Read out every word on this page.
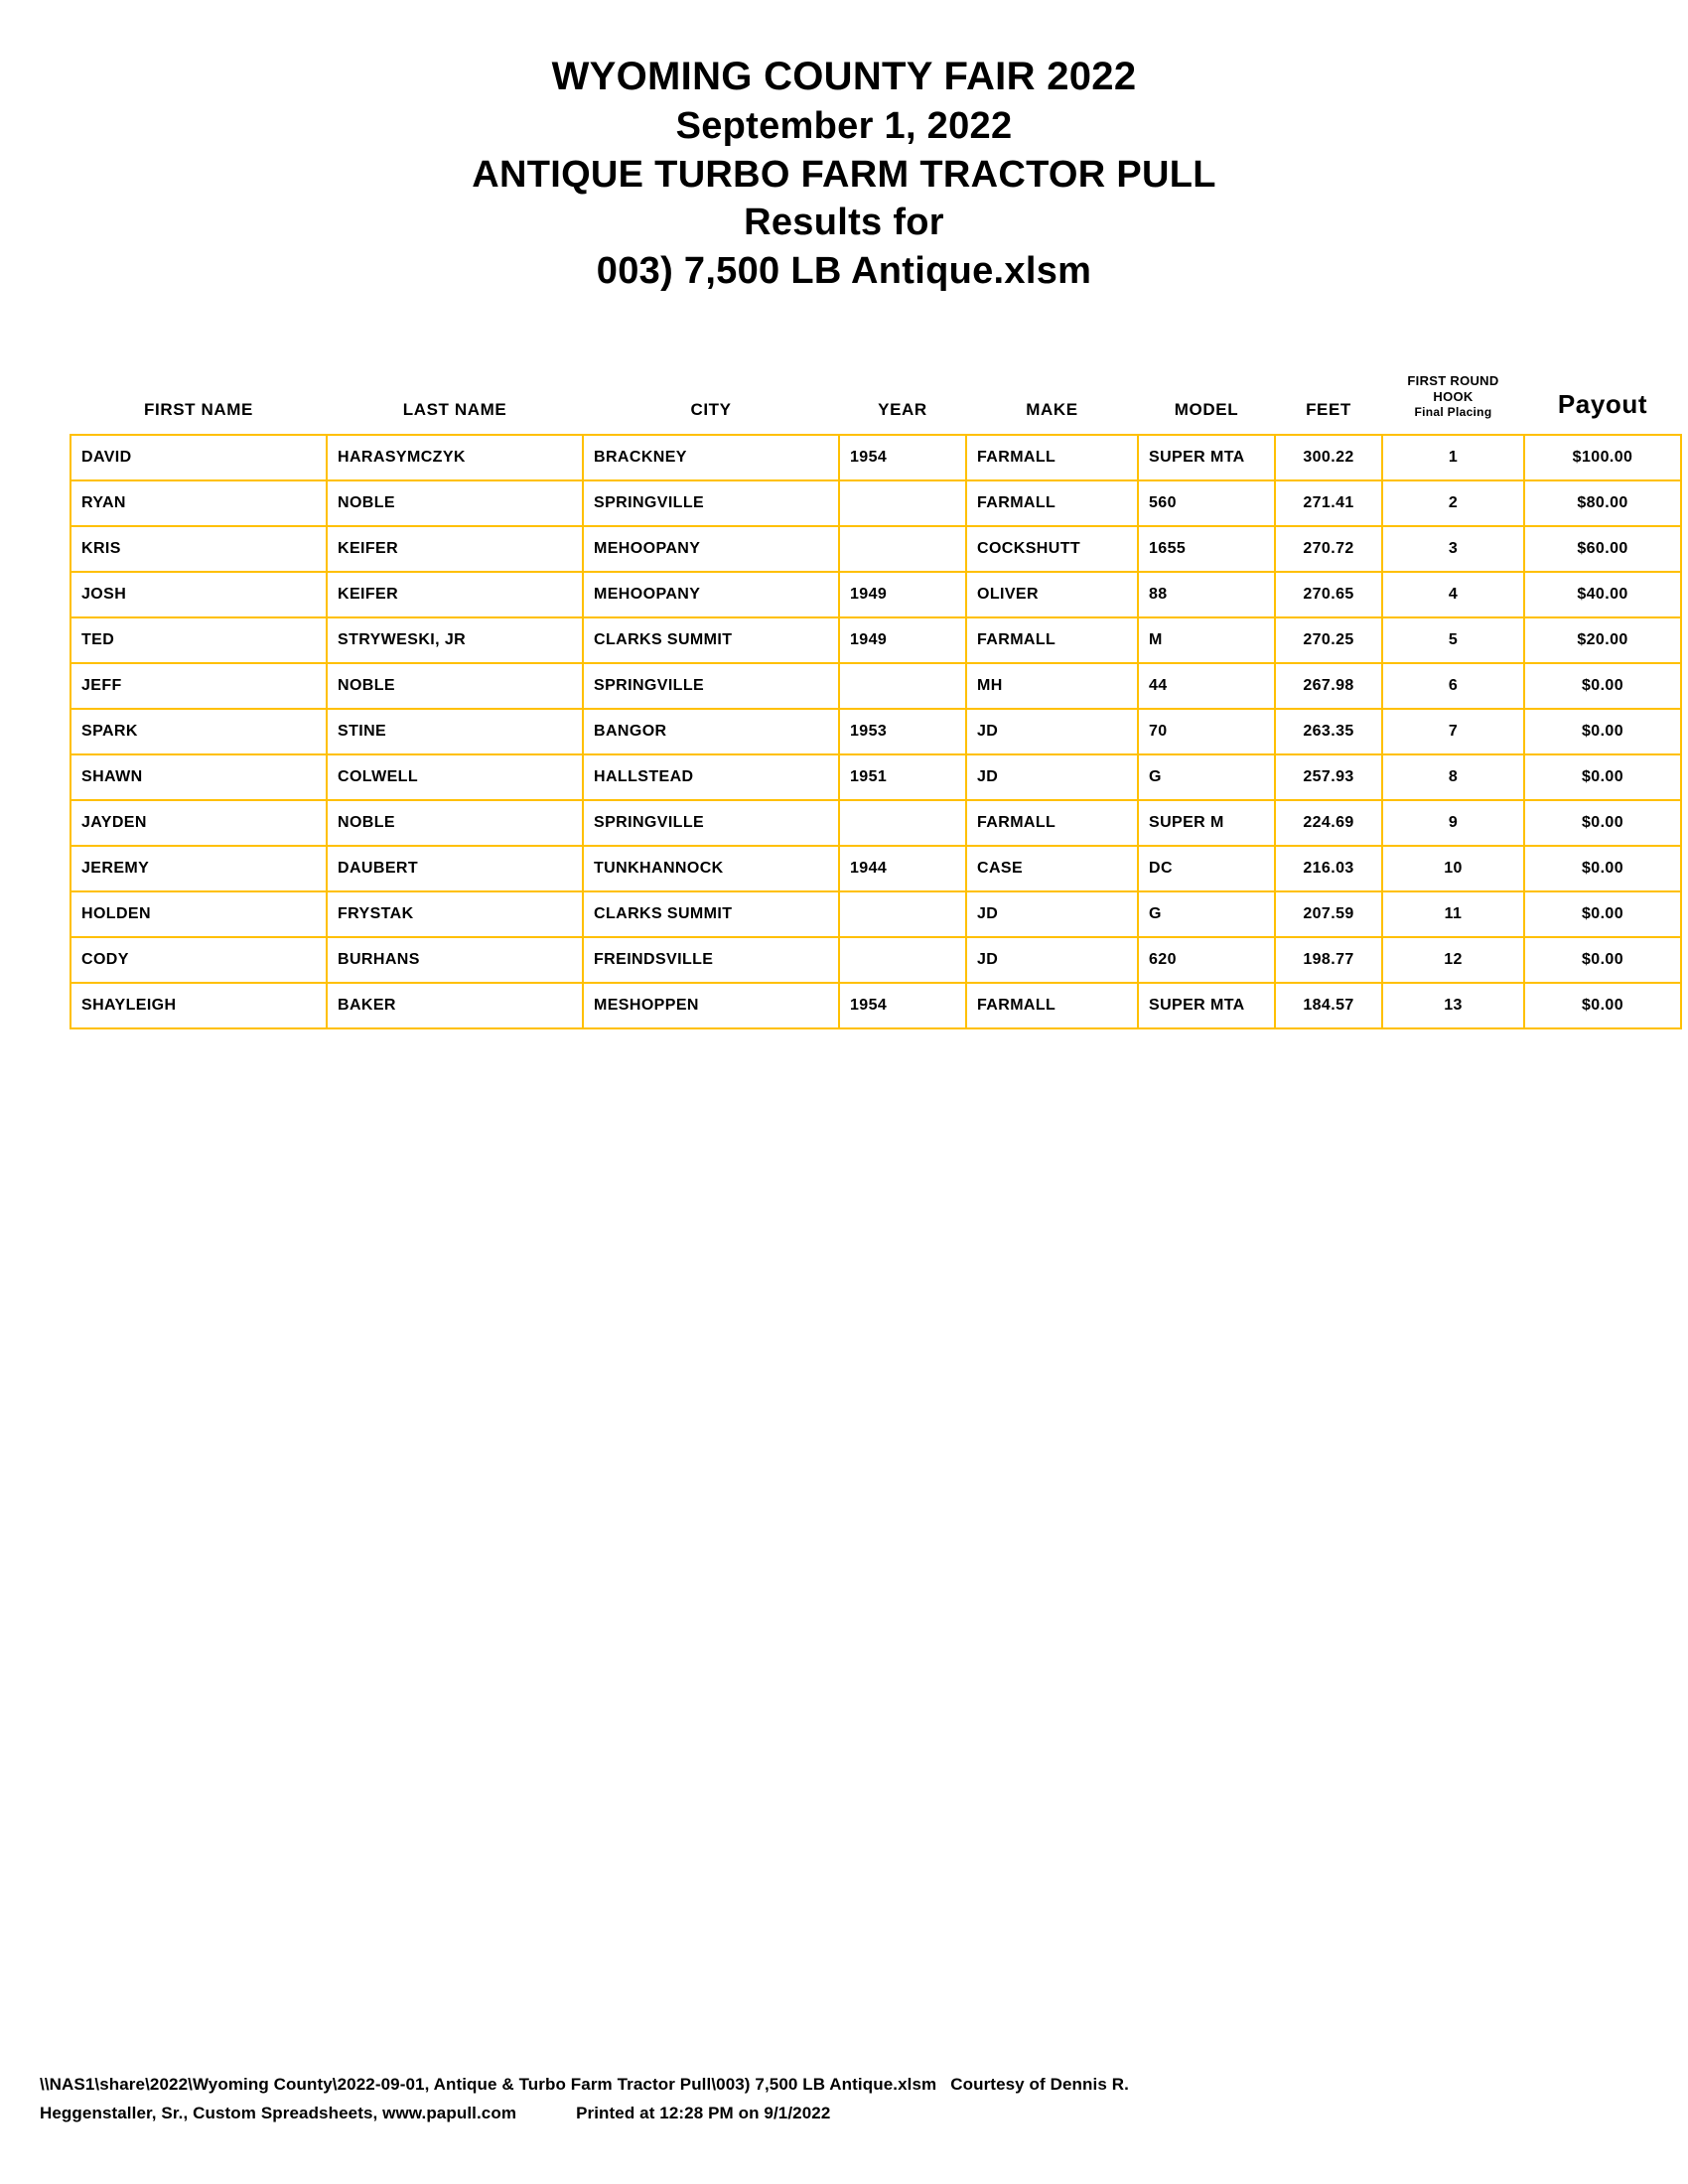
WYOMING COUNTY FAIR 2022
September 1, 2022
ANTIQUE TURBO FARM TRACTOR PULL
Results for
003) 7,500 LB Antique.xlsm
FIRST NAME	LAST NAME	CITY	YEAR	MAKE	MODEL	FEET	FIRST ROUND
HOOK
Final Placing	Payout
DAVID	HARASYMCZYK	BRACKNEY	1954	FARMALL	SUPER MTA	300.22	1	$100.00
RYAN	NOBLE	SPRINGVILLE		FARMALL	560	271.41	2	$80.00
KRIS	KEIFER	MEHOOPANY		COCKSHUTT	1655	270.72	3	$60.00
JOSH	KEIFER	MEHOOPANY	1949	OLIVER	88	270.65	4	$40.00
TED	STRYWESKI, JR	CLARKS SUMMIT	1949	FARMALL	M	270.25	5	$20.00
JEFF	NOBLE	SPRINGVILLE		MH	44	267.98	6	$0.00
SPARK	STINE	BANGOR	1953	JD	70	263.35	7	$0.00
SHAWN	COLWELL	HALLSTEAD	1951	JD	G	257.93	8	$0.00
JAYDEN	NOBLE	SPRINGVILLE		FARMALL	SUPER M	224.69	9	$0.00
JEREMY	DAUBERT	TUNKHANNOCK	1944	CASE	DC	216.03	10	$0.00
HOLDEN	FRYSTAK	CLARKS SUMMIT		JD	G	207.59	11	$0.00
CODY	BURHANS	FREINDSVILLE		JD	620	198.77	12	$0.00
SHAYLEIGH	BAKER	MESHOPPEN	1954	FARMALL	SUPER MTA	184.57	13	$0.00
\\NAS1\share\2022\Wyoming County\2022-09-01, Antique & Turbo Farm Tractor Pull\003) 7,500 LB Antique.xlsm Courtesy of Dennis R.
Heggenstaller, Sr., Custom Spreadsheets, www.papull.com	Printed at 12:28 PM on 9/1/2022
